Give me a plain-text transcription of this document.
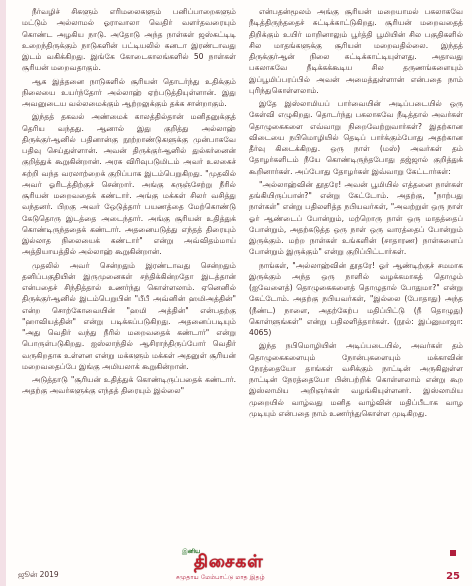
நீர்வழிச் சிகளும் எரிமலைகளும் பனிப்பாறைகளும் மட்டும் அல்லாமல் ஓராவாலா வெதிர் வளர்தவரையும் கொண்ட அழகிய நாடு. அதோடு அந்த நாள்கள் ஜஸ்கட்டிடி உறைந்திருக்கும் நாடுகளின் பட்டியலில் கனடா இரண்டாவது இடம் வகிக்கிறது. இங்கே கோடைகாலங்களில் 50 நாள்கள் சூரியன் மறைவதாகும்.

ஆக இத்தனை நாடுகளில் சூரியன் தொடர்ந்து உதிக்கும் நிலையை உயர்ந்தோர் அல்லாஹ் ஏற்படுத்தியுள்ளான். இது அவனுடைய வல்லமைக்கும் ஆற்றலுக்கும் தக்க சான்றாகும்.

இந்தத் தகவல் அண்மைக் காலத்தில்தான் மனிதனுக்குத் தெரிய வந்தது. ஆனால் இது குறித்து அல்லாஹ் திருக்குர்ஆனில் பதினான்கு நூற்றாண்டுகளுக்கு முன்பாகவே பதிவு செய்துள்ளான். அவன் திருக்குர்ஆனில் துல்கர்னைன் குறித்துக் கூறுகின்றான். அரசு விரிவுபடுமிடம் அவர் உலகைச் சுற்றி வந்த வரலாற்றைக் குறிப்பாக இடம்பெறுகிறது. "முதலில் அவர் ஓரிடத்திற்குச் சென்றார். அங்கு கருஞ்சேற்று நீரில் சூரியன் மறைவதைக் கண்டார். அங்கு மக்கள் சிலர் வசித்து வந்தனர். பிறகு அவர் ஒேடுத்தார் பயணத்தை மேற்கொண்டு கேடுதொரு இடத்தை அடைந்தார். அங்கு சூரியன் உதித்துக் கொண்டிருந்ததைக் கண்டார். அதனையடுத்து எந்தத் திரையும் இல்லாத நிலையைக் கண்டார்" என்று அவ்விதம்மாய் அத்தியாயத்தில் அல்லாஹ் கூறுகின்றான்.

முதலில் அவர் சென்றதும் இரண்டாவது சென்றதும் தனிப்பகுதியின் இருமுனைகள் சந்திக்கின்றதோ இடத்தான் என்பதைச் சிந்தித்தால் உணர்ந்து கொள்ளலாம். ஏனெனில் திருக்குர்ஆனில் இடம்பெறுபின் "பீபீ அவ்னின் ஹமிஅத்தின்" என்ற சொற்கோவையின் "ஹமி அத்தின்" என்பதற்கு "ஹாவியத்தின்" என்று படிக்கப்படுகிறது. அதனைப்படியும் "அது வெதிர் வந்து நீரில் மறைவதைக் கண்டார்" என்று பொருள்படுகிறது. ஐஸ்லாந்தில் ஆசிராந்திருப்போர் வெதிர் வருகிறதாக உள்ளன என்று மக்களும் மக்கள் அதனுள் சூரியன் மறைவதைப்பே இங்கு அமியலாக் கூறுகின்றான்.

அடுத்தாடு "சூரியன் உதித்துக் கொண்டிருப்பதைக் கண்டார். அதற்கு அவர்களுக்கு எந்தத் திரையும் இல்லை"

என்பதன்மூலம் அங்கு சூரியன் மறையாமல் பகலாகவே நீடித்திருந்ததைச் சுட்டிக்காட்டுகிறது. சூரியன் மறைவதைத் திறிக்கும் உயிர் மாறினாலும் பூர்த்தி பூமியின் சில பகுதிகளில் சில மாதங்களுக்கு சூரியன் மறைவதில்லை. இந்தத் திருக்குர்ஆன் நிலை சுட்டிக்காட்டியுள்ளது. அதாவது பகலாகவே நீடிக்கக்கூடிய சில தருணங்களையும் இப்பூமிப்பரப்பில் அவன் அமைத்துள்ளான் என்பதை நாம் புரிந்துகொள்ளலாம்.

இதே இஸ்லாமியப் பார்வையின் அடிப்படையில் ஒரு கேள்வி எழுகிறது. தொடர்ந்து பகலாகவே நீடித்தால் அவர்கள் தொழுகைகளை எவ்வாறு நிறைவேற்றுவார்கள்? இதற்கான விடையை நபிமொழியில் தெடிப் பார்க்கும்போது அதற்கான தீர்வு கிடைக்கிறது. ஒரு நாள் (மஸ்) அவர்கள் தம் தோழர்களிடம் நீயே கொண்டிருந்தபோது தஜ்ஜால் குறித்துக் கூறினார்கள். அப்போது தோழர்கள் இவ்வாறு கேட்டார்கள்:

"அல்லாஹ்வின் தூதரே! அவன் பூமியில் எத்தனை நாள்கள் தங்கியிருப்பான்?" என்று கேட்டோம். அதற்கு, "நாற்பது நாள்கள்" என்று பதிலளித்த நபியவர்கள், "அவற்றுள் ஒரு நாள் ஓர் ஆண்டைப் போன்றும், மற்றொரு நாள் ஒரு மாதத்தைப் போன்றும், அதற்கடுத்த ஒரு நாள் ஒரு வாரத்தைப் போன்றும் இருக்கும். மற்ற நாள்கள் உங்களின் (சாதாரண) நாள்களைப் போன்றும் இருக்கும்" என்று குறிப்பிட்டார்கள்.

நாங்கள், "அல்லாஹ்வின் தூதரே! ஓர் ஆண்டிற்குச் சமமாக இருக்கும் அந்த ஒரு நாளில் வழக்கமாகத் தொழும் (ஐவேளைத்) தொழுகைகளைத் தொழுதால் போதுமா?" என்று கேட்டோம். அதற்கு நபியவர்கள், "இல்லை (போதாது) அந்த (நீண்ட) நாளை, அதற்கேற்ப மதிப்பிட்டு (நீ தொழுது) கொள்ளுங்கள்" என்று பதிலளித்தார்கள். (நூல்: இப்னுமாஜா: 4065)

இந்த நபிமொழியின் அடிப்படையில், அவர்கள் தம் தொழுகைகளையும் நோன்புகளையும் மக்காவின் நேரத்தையோ தாங்கள் வசிக்கும் நாட்டின் அருகிலுள்ள நாட்டின் நேரத்தையோ பின்பற்றிக் கொள்ளலாம் என்று கூற இஸ்லாமிய அறிஞர்கள் வழங்கியுள்ளனர். இஸ்லாமிய முறையில் வாழ்வது மனித வாழ்வின் மதிப்பீடாக வாழ முடியும் என்பதை நாம் உணர்ந்துகொள்ள முடிகிறது.

ஜூன் 2019
இனிய
திசைகள்
சமுதாய மேம்பாட்டு மாத இதழ்	25
